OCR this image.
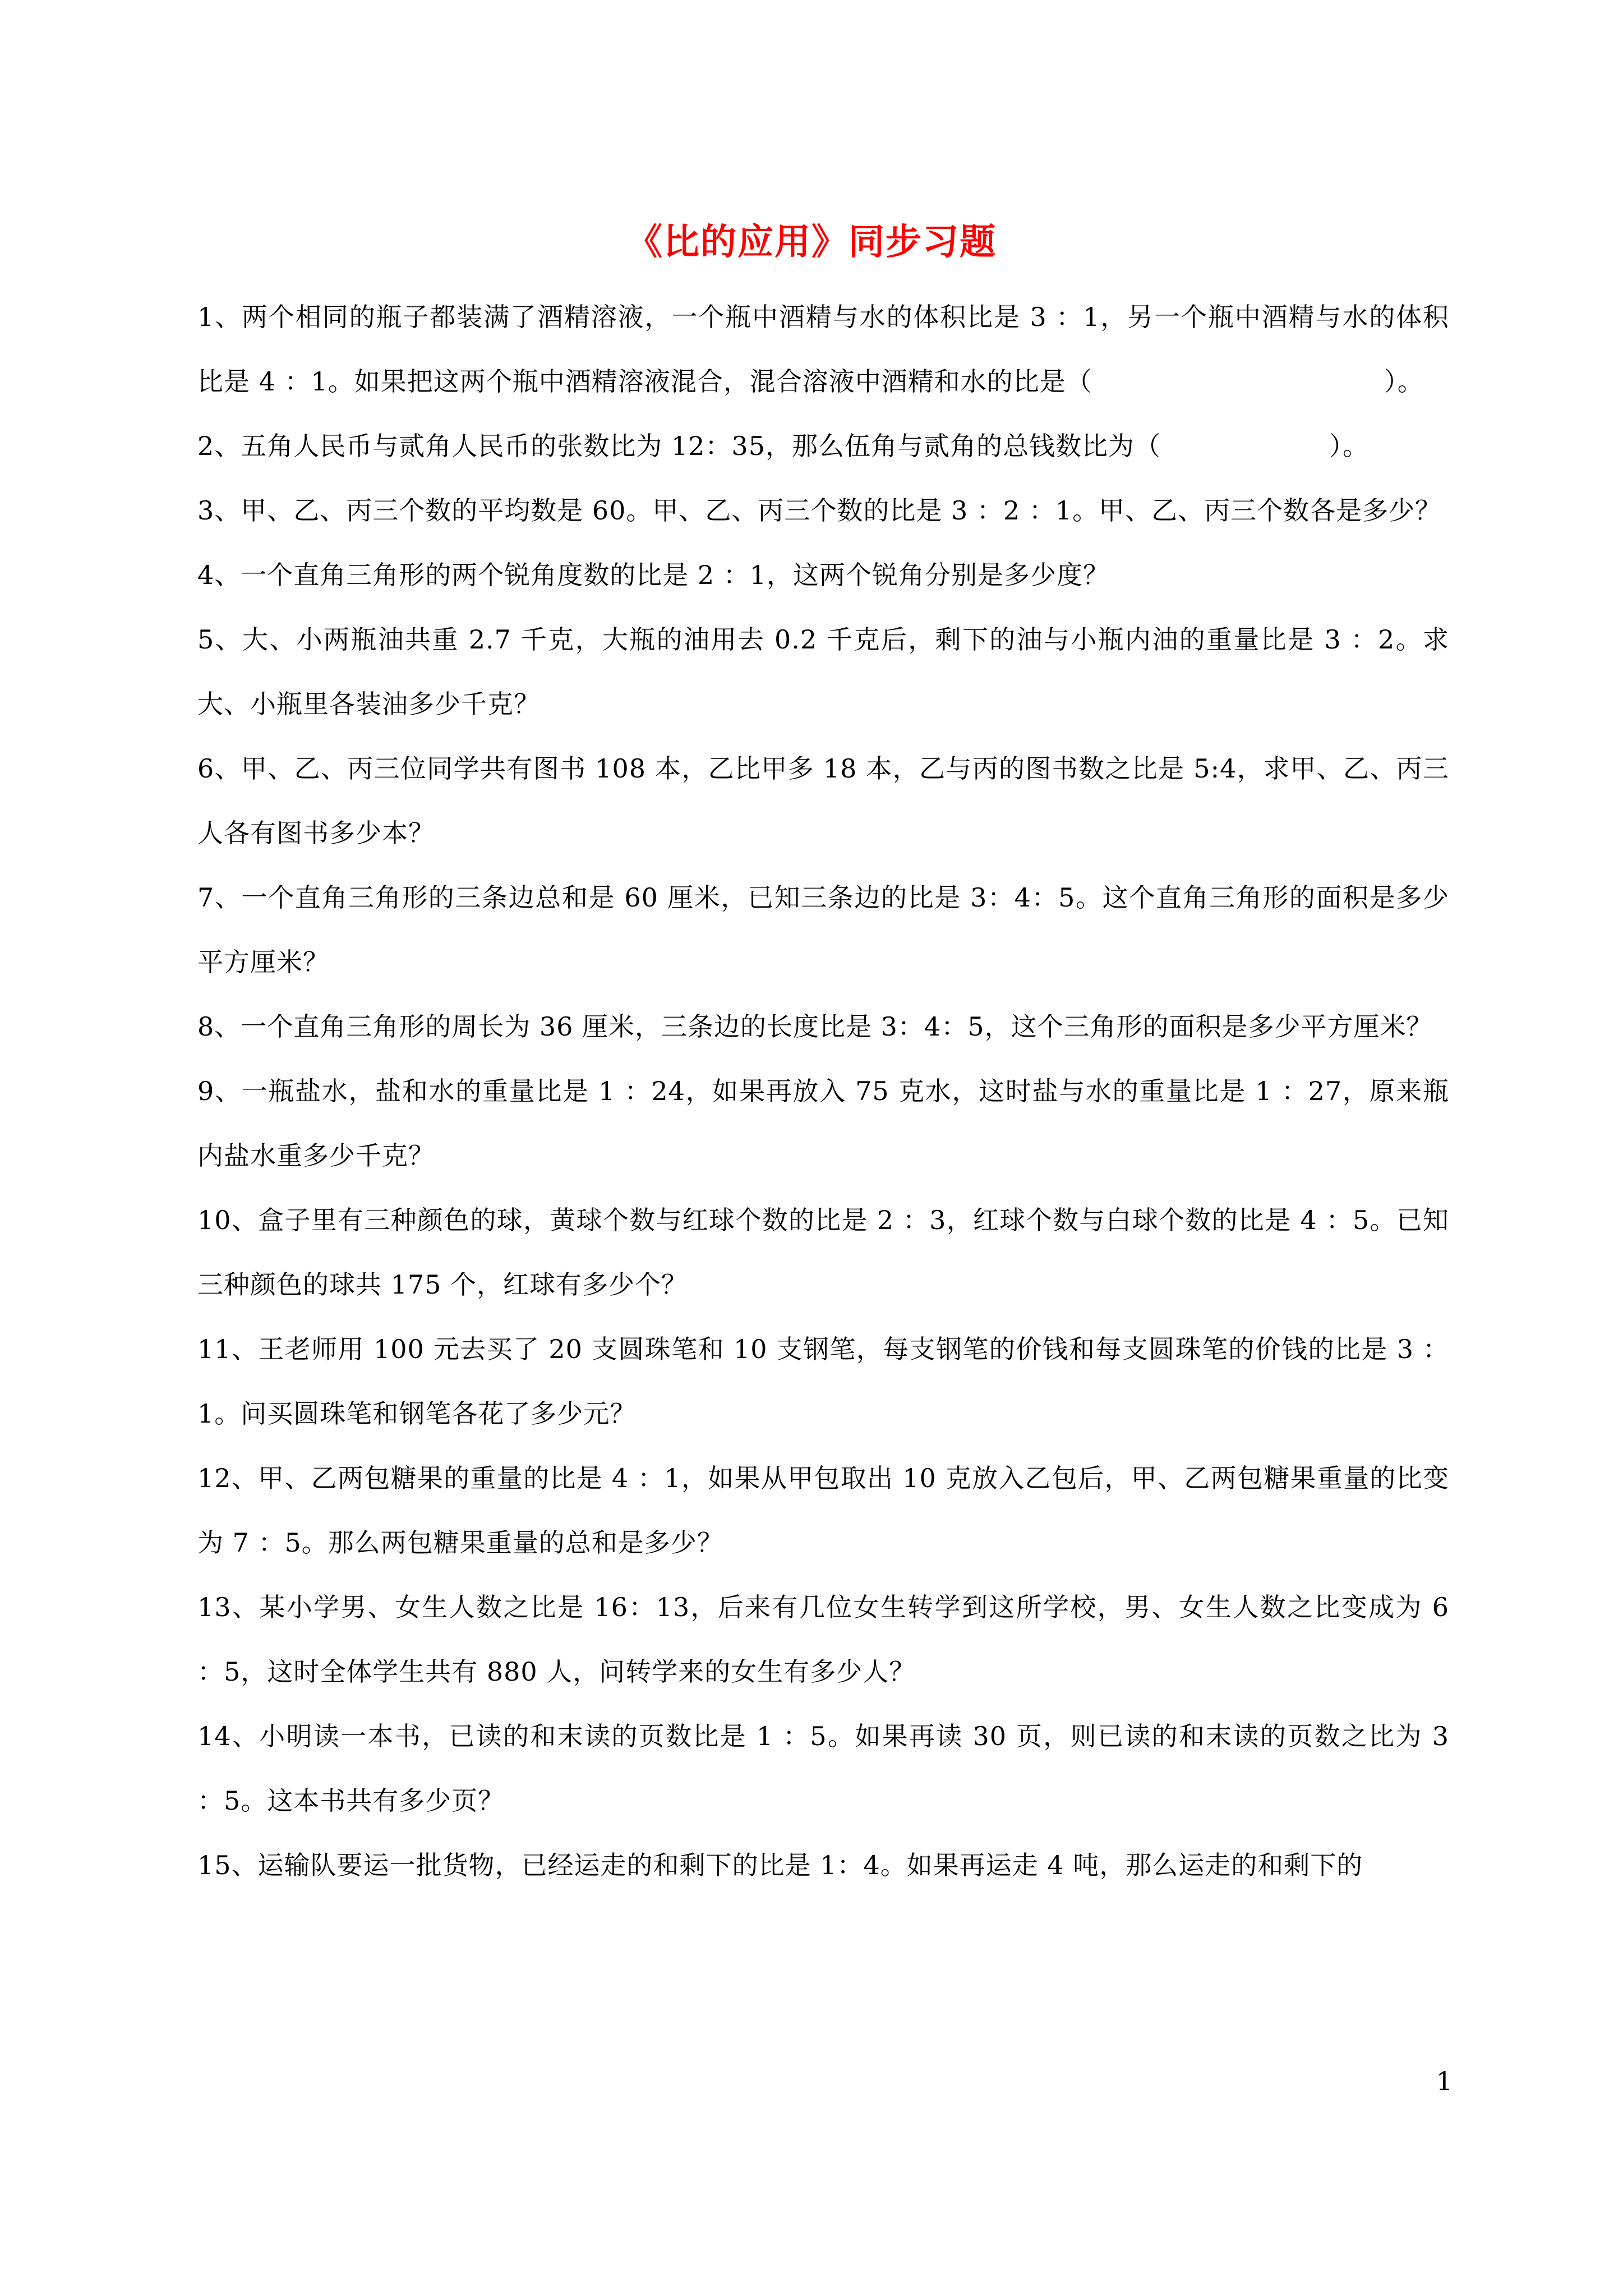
《比的应用》同步习题

1、两个相同的瓶子都装满了酒精溶液，一个瓶中酒精与水的体积比是 3 ：1，另一个瓶中酒精与水的体积比是 4 ：1。如果把这两个瓶中酒精溶液混合，混合溶液中酒精和水的比是（	）。

2、五角人民币与贰角人民币的张数比为 12：35，那么伍角与贰角的总钱数比为（	）。

3、甲、乙、丙三个数的平均数是 60。甲、乙、丙三个数的比是 3 ：2 ：1。甲、乙、丙三个数各是多少？

4、一个直角三角形的两个锐角度数的比是 2 ：1，这两个锐角分别是多少度？

5、大、小两瓶油共重 2.7 千克，大瓶的油用去 0.2 千克后，剩下的油与小瓶内油的重量比是 3 ：2。求大、小瓶里各装油多少千克？

6、甲、乙、丙三位同学共有图书 108 本，乙比甲多 18 本，乙与丙的图书数之比是 5:4，求甲、乙、丙三人各有图书多少本？

7、一个直角三角形的三条边总和是 60 厘米，已知三条边的比是 3：4：5。这个直角三角形的面积是多少平方厘米？

8、一个直角三角形的周长为 36 厘米，三条边的长度比是 3：4：5，这个三角形的面积是多少平方厘米？

9、一瓶盐水，盐和水的重量比是 1 ：24，如果再放入 75 克水，这时盐与水的重量比是 1 ：27，原来瓶内盐水重多少千克？

10、盒子里有三种颜色的球，黄球个数与红球个数的比是 2 ：3，红球个数与白球个数的比是 4 ：5。已知三种颜色的球共 175 个，红球有多少个？

11、王老师用 100 元去买了 20 支圆珠笔和 10 支钢笔，每支钢笔的价钱和每支圆珠笔的价钱的比是 3 ：1。问买圆珠笔和钢笔各花了多少元？

12、甲、乙两包糖果的重量的比是 4 ：1，如果从甲包取出 10 克放入乙包后，甲、乙两包糖果重量的比变为 7 ：5。那么两包糖果重量的总和是多少？

13、某小学男、女生人数之比是 16：13，后来有几位女生转学到这所学校，男、女生人数之比变成为 6 ：5，这时全体学生共有 880 人，问转学来的女生有多少人？

14、小明读一本书，已读的和末读的页数比是 1 ：5。如果再读 30 页，则已读的和末读的页数之比为 3 ：5。这本书共有多少页？

15、运输队要运一批货物，已经运走的和剩下的比是 1：4。如果再运走 4 吨，那么运走的和剩下的

1
